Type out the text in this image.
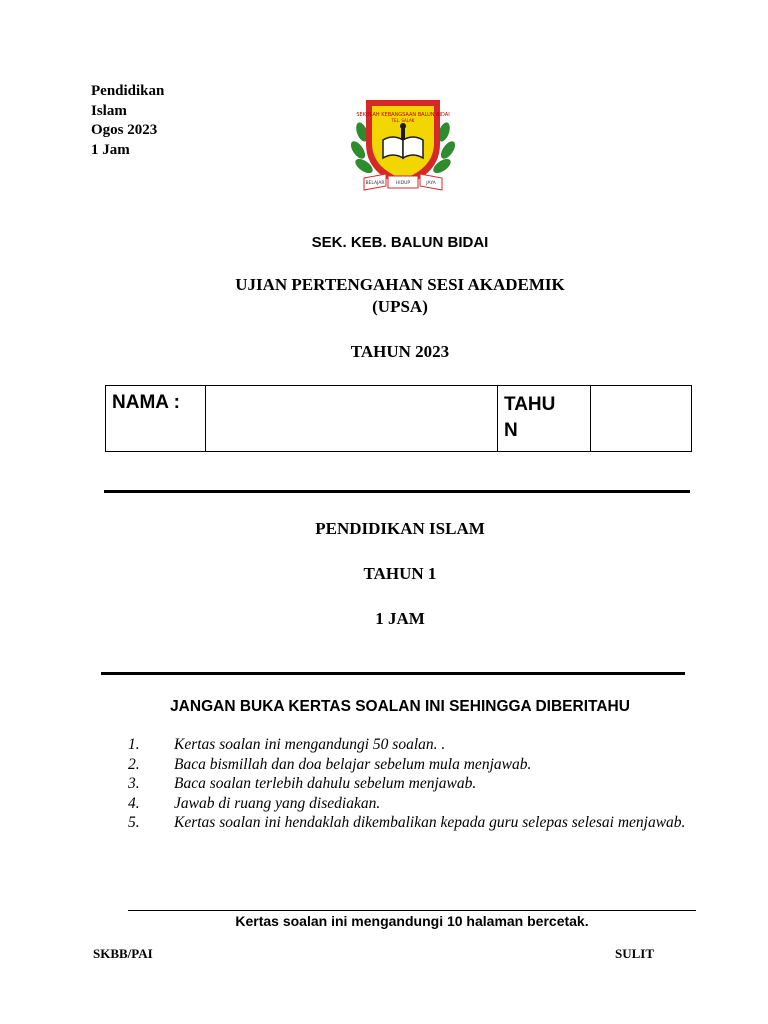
Pendidikan
Islam
Ogos 2023
1 Jam
SEKOLAH KEBANGSAAN BALUN BIDAI
TEL. SALAK
BELAJAR	HIDUP	JAYA
SEK. KEB. BALUN BIDAI
UJIAN PERTENGAHAN SESI AKADEMIK
(UPSA)
TAHUN 2023
NAMA :		TAHU
N

PENDIDIKAN ISLAM
TAHUN 1
1 JAM
JANGAN BUKA KERTAS SOALAN INI SEHINGGA DIBERITAHU
1.	Kertas soalan ini mengandungi 50 soalan. .
2.	Baca bismillah dan doa belajar sebelum mula menjawab.
3.	Baca soalan terlebih dahulu sebelum menjawab.
4.	Jawab di ruang yang disediakan.
5.	Kertas soalan ini hendaklah dikembalikan kepada guru selepas selesai menjawab.
Kertas soalan ini mengandungi 10 halaman bercetak.
SKBB/PAI	SULIT
